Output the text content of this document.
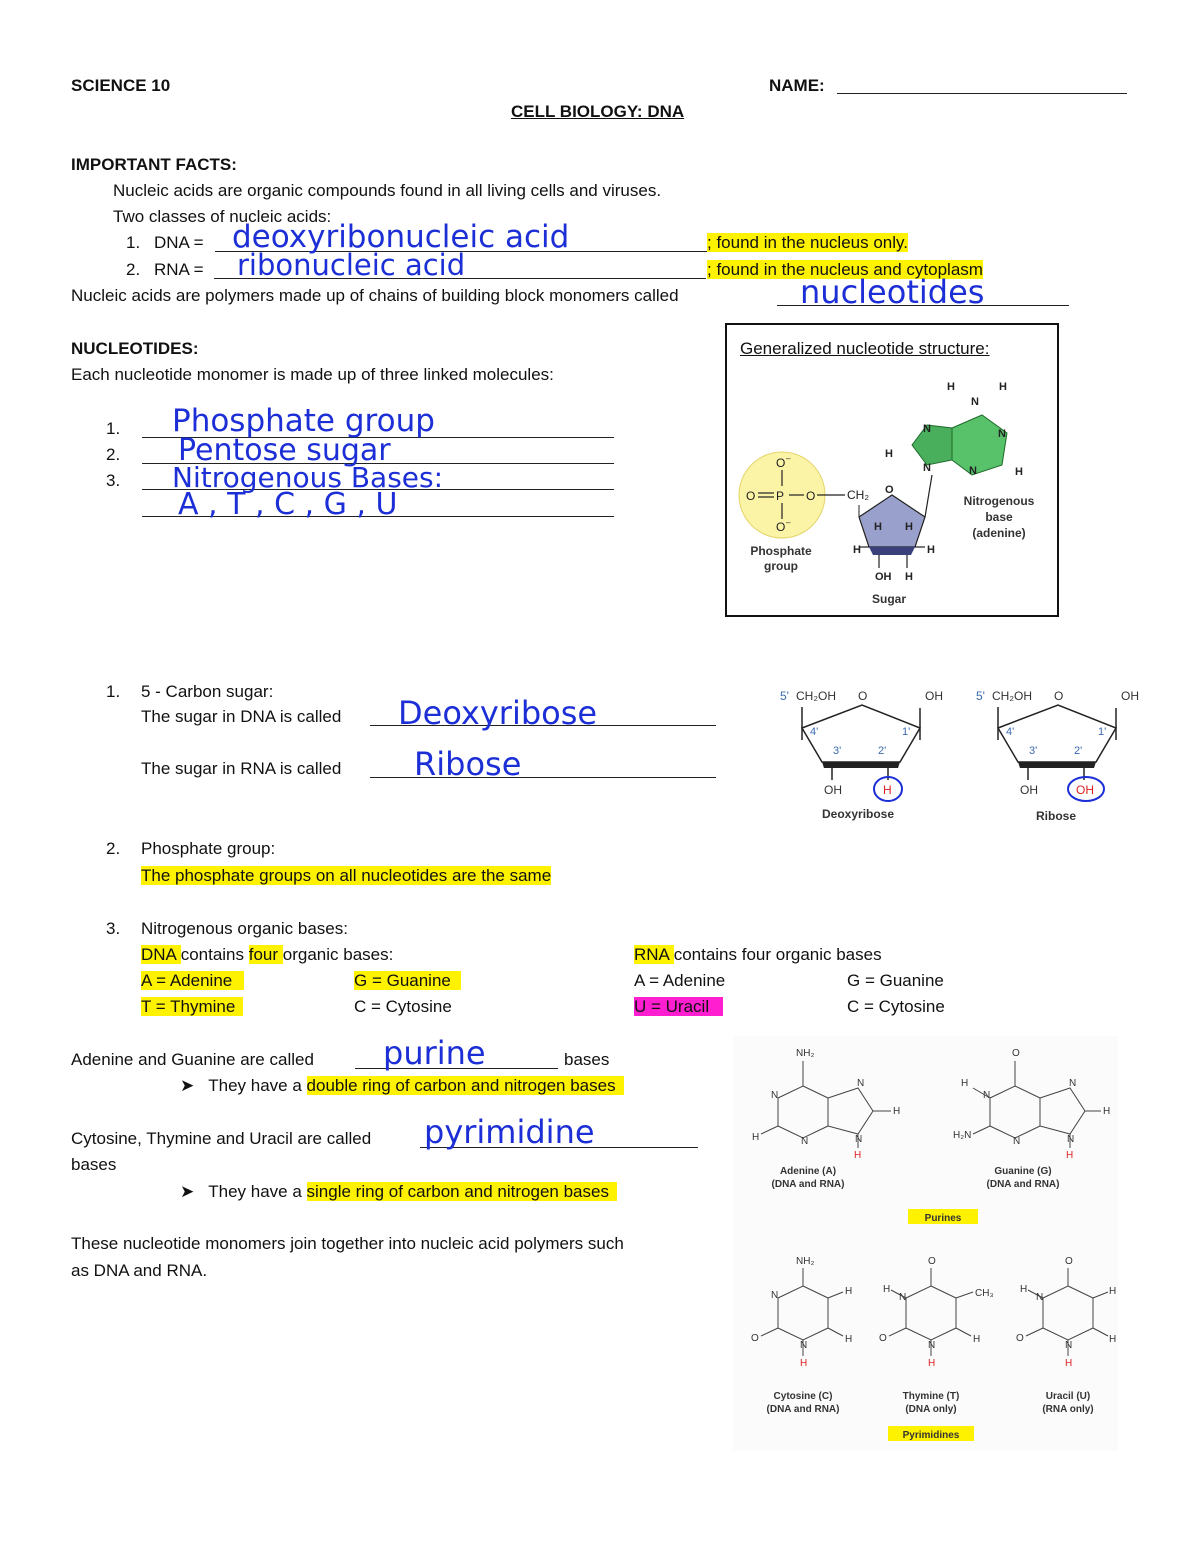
SCIENCE 10	NAME:
CELL BIOLOGY: DNA
IMPORTANT FACTS:
Nucleic acids are organic compounds found in all living cells and viruses.
Two classes of nucleic acids:
1. DNA = deoxyribonucleic acid	; found in the nucleus only.
2. RNA = ribonucleic acid	; found in the nucleus and cytoplasm
Nucleic acids are polymers made up of chains of building block monomers called	nucleotides
NUCLEOTIDES:
Each nucleotide monomer is made up of three linked molecules:
1. Phosphate group
2. Pentose sugar
3. Nitrogenous Bases:
A , T , C , G , U
Generalized nucleotide structure:
O –
O P O
O –
CH₂ O
H H
H	H
OH H
H	H
N
N
N
N
N
H
H
Sugar
Phosphate group
Nitrogenous base (adenine)
1. 5 - Carbon sugar:
The sugar in DNA is called Deoxyribose
The sugar in RNA is called Ribose
5' CH₂OH O	OH
4'	1'
3'	2'
OH	H
Deoxyribose
5' CH₂OH O	OH
4'	1'
3'	2'
OH	OH
Ribose
2. Phosphate group:
The phosphate groups on all nucleotides are the same
3. Nitrogenous organic bases:
DNA contains four organic bases:	RNA contains four organic bases
A = Adenine	G = Guanine
T = Thymine	C = Cytosine
A = Adenine	G = Guanine
U = Uracil	C = Cytosine
Adenine and Guanine are called purine	bases
➤ They have a double ring of carbon and nitrogen bases
Cytosine, Thymine and Uracil are called pyrimidine
bases
➤ They have a single ring of carbon and nitrogen bases
These nucleotide monomers join together into nucleic acid polymers such
as DNA and RNA.
NH₂
N
N
N
N
H
H
H
Adenine (A)
(DNA and RNA)
O
H
N
N
N
N
H
H₂N
H
Guanine (G)
(DNA and RNA)
Purines
NH₂
N	H
H
N
O
H
Cytosine (C)
(DNA and RNA)
O
H
N	CH₃
H
N
O
H
Thymine (T)
(DNA only)
O
H
N
H
H
N
O
H
Uracil (U)
(RNA only)
Pyrimidines
